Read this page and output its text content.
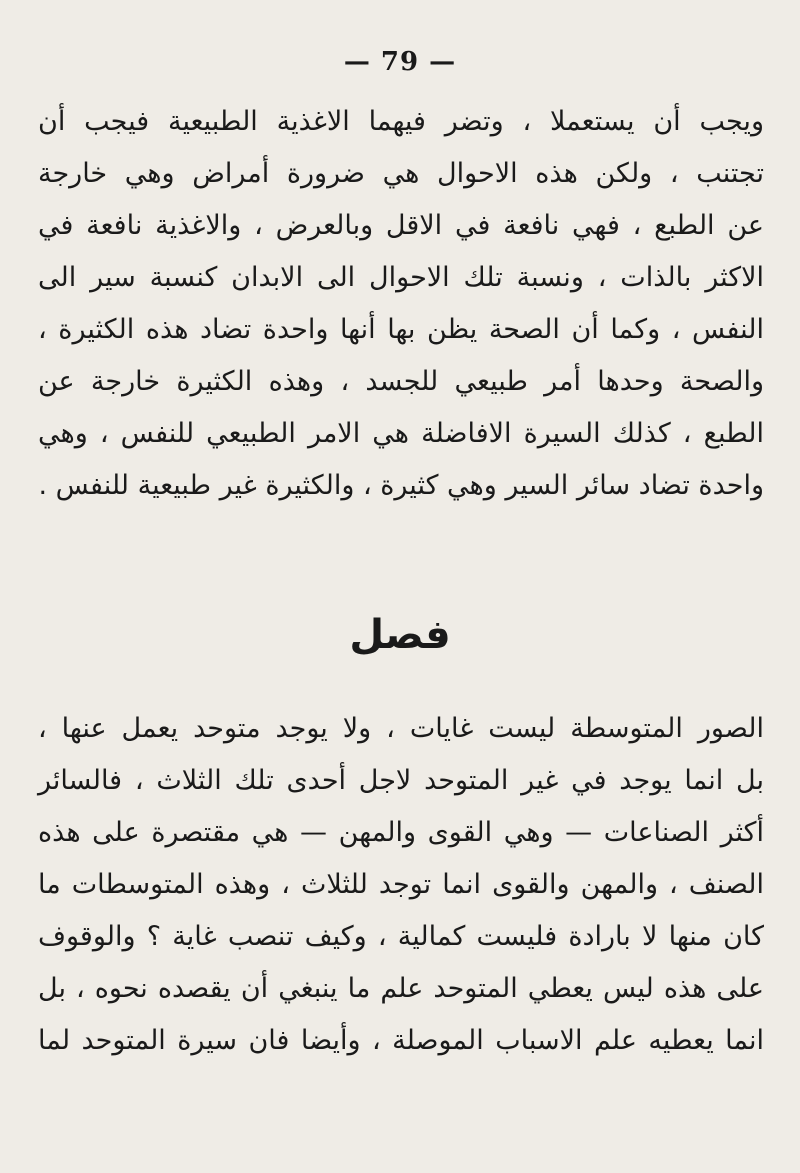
— 79 —
ويجب أن يستعملا ، وتضر فيهما الاغذية الطبيعية فيجب أن
تجتنب ، ولكن هذه الاحوال هي ضرورة أمراض وهي خارجة
عن الطبع ، فهي نافعة في الاقل وبالعرض ، والاغذية نافعة في
الاكثر بالذات ، ونسبة تلك الاحوال الى الابدان كنسبة سير الى
النفس ، وكما أن الصحة يظن بها أنها واحدة تضاد هذه الكثيرة ،
والصحة وحدها أمر طبيعي للجسد ، وهذه الكثيرة خارجة عن
الطبع ، كذلك السيرة الافاضلة هي الامر الطبيعي للنفس ، وهي
واحدة تضاد سائر السير وهي كثيرة ، والكثيرة غير طبيعية للنفس .
فصل
الصور المتوسطة ليست غايات ، ولا يوجد متوحد يعمل عنها ،
بل انما يوجد في غير المتوحد لاجل أحدى تلك الثلاث ، فالسائر
أكثر الصناعات — وهي القوى والمهن — هي مقتصرة على هذه
الصنف ، والمهن والقوى انما توجد للثلاث ، وهذه المتوسطات ما
كان منها لا بارادة فليست كمالية ، وكيف تنصب غاية ؟ والوقوف
على هذه ليس يعطي المتوحد علم ما ينبغي أن يقصده نحوه ، بل
انما يعطيه علم الاسباب الموصلة ، وأيضا فان سيرة المتوحد لما
